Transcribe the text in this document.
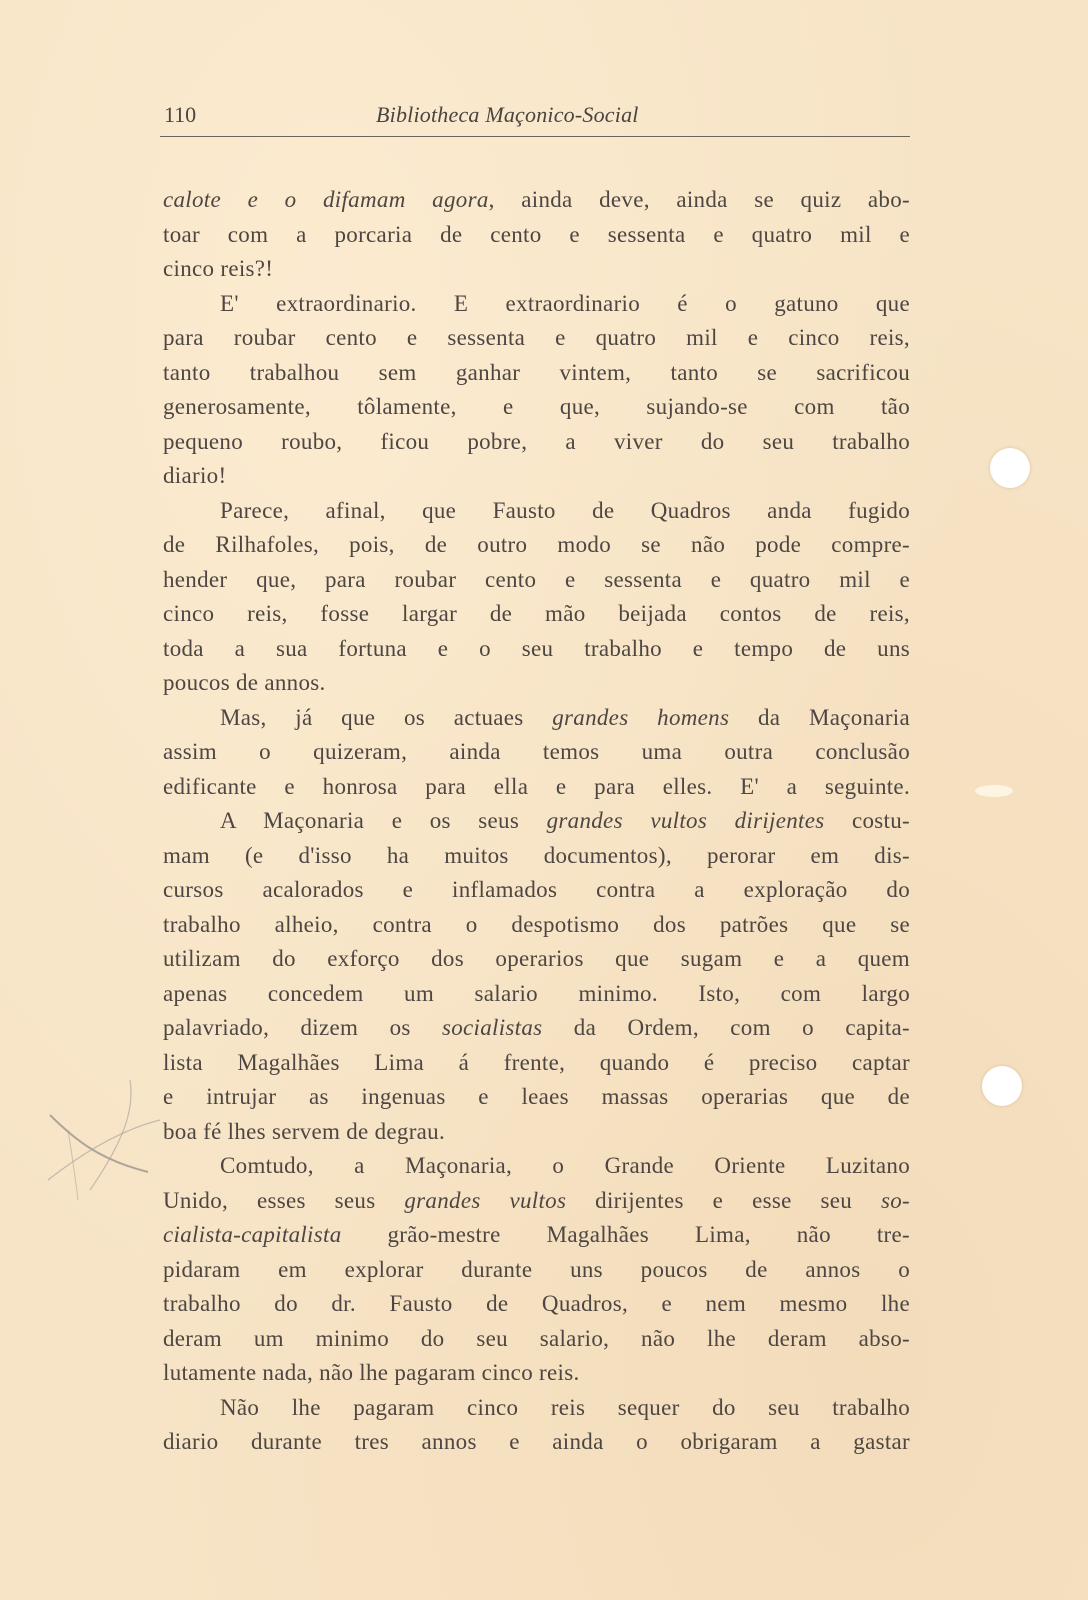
110	Bibliotheca Maçonico-Social
calote e o difamam agora, ainda deve, ainda se quiz abo-
toar com a porcaria de cento e sessenta e quatro mil e
cinco reis?!
E' extraordinario. E extraordinario é o gatuno que
para roubar cento e sessenta e quatro mil e cinco reis,
tanto trabalhou sem ganhar vintem, tanto se sacrificou
generosamente, tôlamente, e que, sujando-se com tão
pequeno roubo, ficou pobre, a viver do seu trabalho
diario!
Parece, afinal, que Fausto de Quadros anda fugido
de Rilhafoles, pois, de outro modo se não pode compre-
hender que, para roubar cento e sessenta e quatro mil e
cinco reis, fosse largar de mão beijada contos de reis,
toda a sua fortuna e o seu trabalho e tempo de uns
poucos de annos.
Mas, já que os actuaes grandes homens da Maçonaria
assim o quizeram, ainda temos uma outra conclusão
edificante e honrosa para ella e para elles. E' a seguinte.
A Maçonaria e os seus grandes vultos dirijentes costu-
mam (e d'isso ha muitos documentos), perorar em dis-
cursos acalorados e inflamados contra a exploração do
trabalho alheio, contra o despotismo dos patrões que se
utilizam do exforço dos operarios que sugam e a quem
apenas concedem um salario minimo. Isto, com largo
palavriado, dizem os socialistas da Ordem, com o capita-
lista Magalhães Lima á frente, quando é preciso captar
e intrujar as ingenuas e leaes massas operarias que de
boa fé lhes servem de degrau.
Comtudo, a Maçonaria, o Grande Oriente Luzitano
Unido, esses seus grandes vultos dirijentes e esse seu so-
cialista-capitalista grão-mestre Magalhães Lima, não tre-
pidaram em explorar durante uns poucos de annos o
trabalho do dr. Fausto de Quadros, e nem mesmo lhe
deram um minimo do seu salario, não lhe deram abso-
lutamente nada, não lhe pagaram cinco reis.
Não lhe pagaram cinco reis sequer do seu trabalho
diario durante tres annos e ainda o obrigaram a gastar
